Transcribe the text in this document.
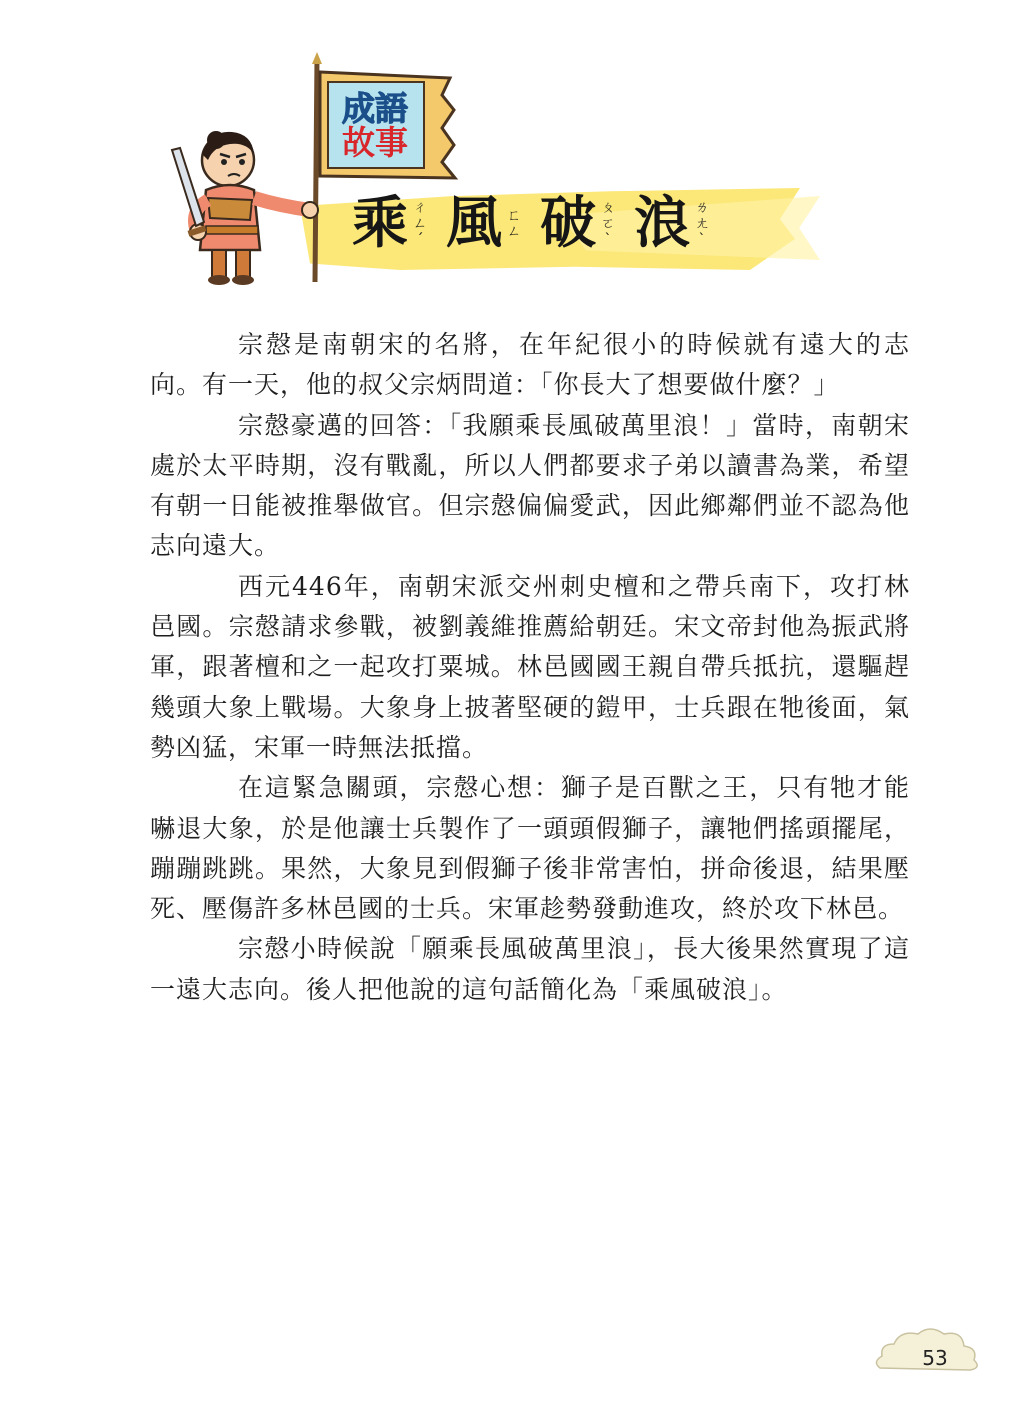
成語
故事
乘 ㄔㄥˊ 風 ㄈㄥ 破 ㄆㄛˋ 浪 ㄌㄤˋ

宗慤是南朝宋的名將，在年紀很小的時候就有遠大的志向。有一天，他的叔父宗炳問道：「你長大了想要做什麼？」

宗慤豪邁的回答：「我願乘長風破萬里浪！」當時，南朝宋處於太平時期，沒有戰亂，所以人們都要求子弟以讀書為業，希望有朝一日能被推舉做官。但宗慤偏偏愛武，因此鄉鄰們並不認為他志向遠大。

西元446年，南朝宋派交州刺史檀和之帶兵南下，攻打林邑國。宗慤請求參戰，被劉義維推薦給朝廷。宋文帝封他為振武將軍，跟著檀和之一起攻打粟城。林邑國國王親自帶兵抵抗，還驅趕幾頭大象上戰場。大象身上披著堅硬的鎧甲，士兵跟在牠後面，氣勢凶猛，宋軍一時無法抵擋。

在這緊急關頭，宗慤心想：獅子是百獸之王，只有牠才能嚇退大象，於是他讓士兵製作了一頭頭假獅子，讓牠們搖頭擺尾，蹦蹦跳跳。果然，大象見到假獅子後非常害怕，拼命後退，結果壓死、壓傷許多林邑國的士兵。宋軍趁勢發動進攻，終於攻下林邑。

宗慤小時候說「願乘長風破萬里浪」，長大後果然實現了這一遠大志向。後人把他說的這句話簡化為「乘風破浪」。

53
